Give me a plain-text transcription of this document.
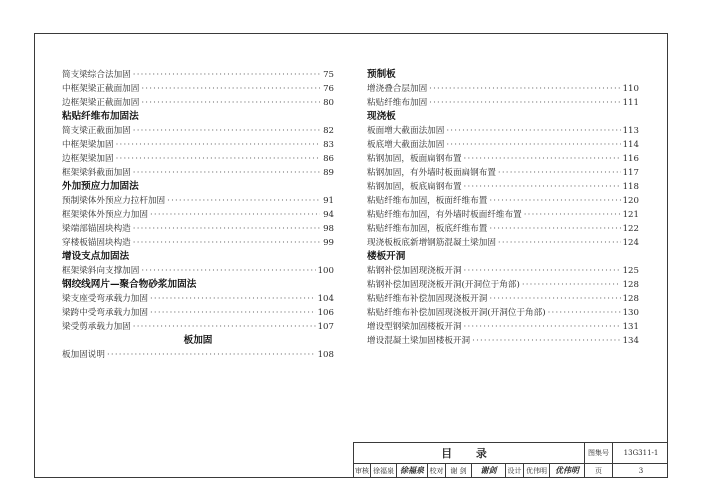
简支梁综合法加固 ·····	75
中框架梁正截面加固 ·····	76
边框架梁正截面加固 ·····	80
粘贴纤维布加固法
简支梁正截面加固 ·····	82
中框架梁加固 ·····	83
边框架梁加固 ·····	86
框架梁斜截面加固 ·····	89
外加预应力加固法
预制梁体外预应力拉杆加固 ·····	91
框架梁体外预应力加固 ·····	94
梁端部锚固块构造 ·····	98
穿楼板锚固块构造 ·····	99
增设支点加固法
框架梁斜向支撑加固 ·····	100
钢绞线网片—聚合物砂浆加固法
梁支座受弯承载力加固 ·····	104
梁跨中受弯承载力加固 ·····	106
梁受剪承载力加固 ·····	107
板加固
板加固说明 ·····	108
预制板
增浇叠合层加固 ·····	110
粘贴纤维布加固 ·····	111
现浇板
板面增大截面法加固 ·····	113
板底增大截面法加固 ·····	114
粘钢加固，板面扁钢布置 ·····	116
粘钢加固，有外墙时板面扁钢布置 ·····	117
粘钢加固，板底扁钢布置 ·····	118
粘贴纤维布加固，板面纤维布置 ·····	120
粘贴纤维布加固，有外墙时板面纤维布置 ·····	121
粘贴纤维布加固，板底纤维布置 ·····	122
现浇板板底新增钢筋混凝土梁加固 ·····	124
楼板开洞
粘钢补偿加固现浇板开洞 ·····	125
粘钢补偿加固现浇板开洞(开洞位于角部) ·····	128
粘贴纤维布补偿加固现浇板开洞 ·····	128
粘贴纤维布补偿加固现浇板开洞(开洞位于角部) ·····	130
增设型钢梁加固楼板开洞 ·····	131
增设混凝土梁加固楼板开洞 ·····	134
目 录	图集号 13G311-1
审核 徐福泉 徐福泉 校对 谢 剑 谢剑 设计 优伟明 优伟明 页	3
